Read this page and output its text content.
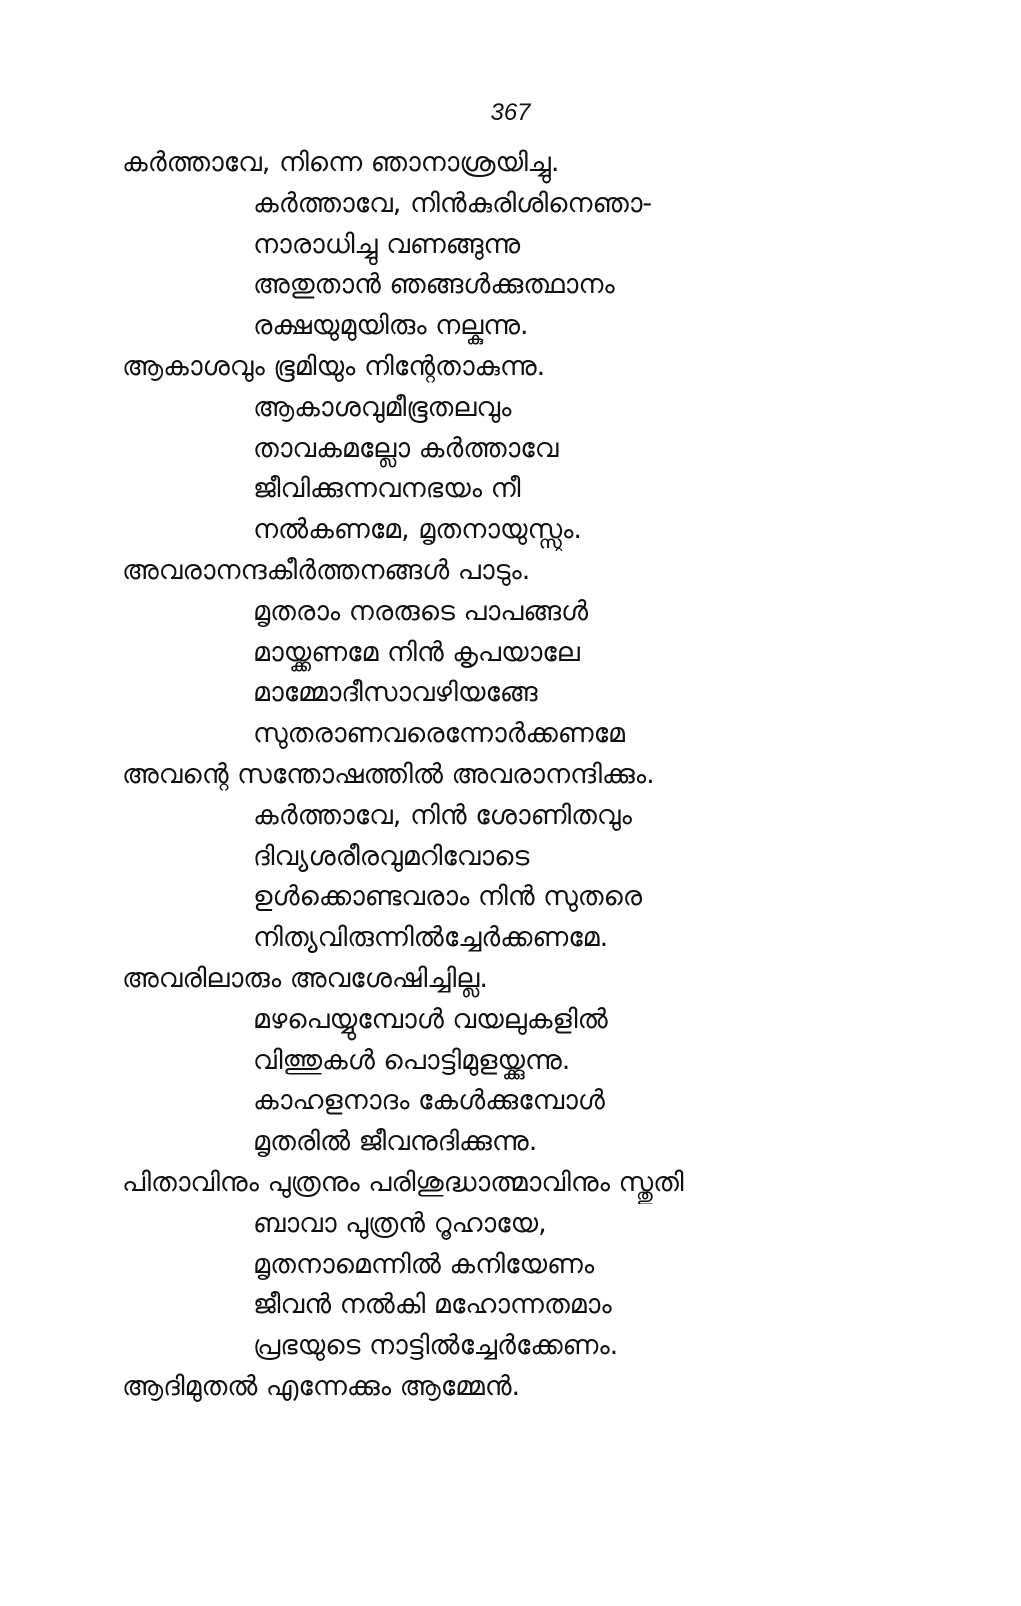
367
കർത്താവേ, നിന്നെ ഞാനാശ്രയിച്ചു.
കർത്താവേ, നിൻകുരിശിനെഞാ-
നാരാധിച്ചു വണങ്ങുന്നു
അതുതാൻ ഞങ്ങൾക്കുത്ഥാനം
രക്ഷയുമുയിരും നല്കുന്നു.
ആകാശവും ഭൂമിയും നിന്റേതാകുന്നു.
ആകാശവുമീഭൂതലവും
താവകമല്ലോ കർത്താവേ
ജീവിക്കുന്നവനഭയം നീ
നൽകണമേ, മൃതനായുസ്സും.
അവരാനന്ദകീർത്തനങ്ങൾ പാടും.
മൃതരാം നരരുടെ പാപങ്ങൾ
മായ്ക്കണമേ നിൻ കൃപയാലേ
മാമ്മോദീസാവഴിയങ്ങേ
സുതരാണവരെന്നോർക്കണമേ
അവന്റെ സന്തോഷത്തിൽ അവരാനന്ദിക്കും.
കർത്താവേ, നിൻ ശോണിതവും
ദിവ്യശരീരവുമറിവോടെ
ഉൾക്കൊണ്ടവരാം നിൻ സുതരെ
നിത്യവിരുന്നിൽച്ചേർക്കണമേ.
അവരിലാരും അവശേഷിച്ചില്ല.
മഴപെയ്യുമ്പോൾ വയലുകളിൽ
വിത്തുകൾ പൊട്ടിമുളയ്ക്കുന്നു.
കാഹളനാദം കേൾക്കുമ്പോൾ
മൃതരിൽ ജീവനുദിക്കുന്നു.
പിതാവിനും പുത്രനും പരിശുദ്ധാത്മാവിനും സ്തുതി
ബാവാ പുത്രൻ റൂഹായേ,
മൃതനാമെന്നിൽ കനിയേണം
ജീവൻ നൽകി മഹോന്നതമാം
പ്രഭയുടെ നാട്ടിൽച്ചേർക്കേണം.
ആദിമുതൽ എന്നേക്കും ആമ്മേൻ.
